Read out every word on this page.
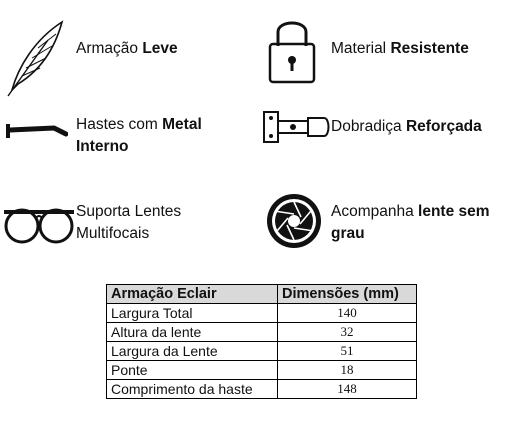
Armação Leve	Material Resistente
Hastes com Metal
Interno
Dobradiça Reforçada
Suporta Lentes
Multifocais
Acompanha lente sem
grau
Armação Eclair	Dimensões (mm)
Largura Total	140
Altura da lente	32
Largura da Lente	51
Ponte	18
Comprimento da haste	148
